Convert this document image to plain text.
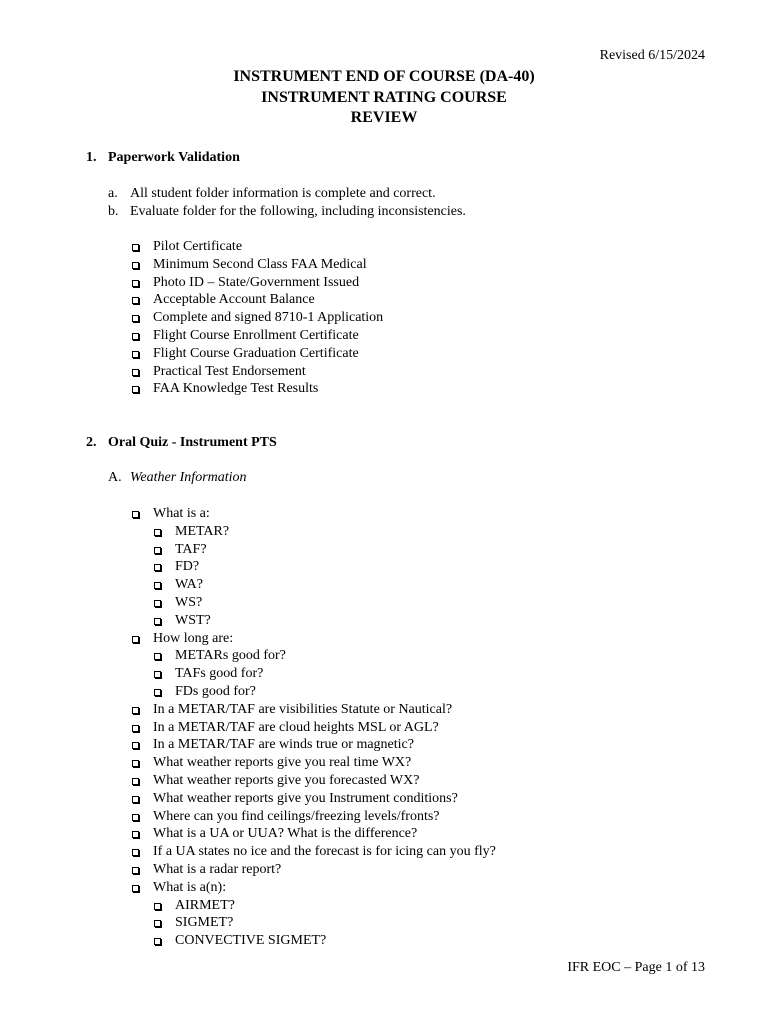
Revised 6/15/2024
INSTRUMENT END OF COURSE (DA-40)
INSTRUMENT RATING COURSE
REVIEW
1. Paperwork Validation
a. All student folder information is complete and correct.
b. Evaluate folder for the following, including inconsistencies.
Pilot Certificate
Minimum Second Class FAA Medical
Photo ID – State/Government Issued
Acceptable Account Balance
Complete and signed 8710-1 Application
Flight Course Enrollment Certificate
Flight Course Graduation Certificate
Practical Test Endorsement
FAA Knowledge Test Results
2. Oral Quiz - Instrument PTS
A. Weather Information
What is a:
METAR?
TAF?
FD?
WA?
WS?
WST?
How long are:
METARs good for?
TAFs good for?
FDs good for?
In a METAR/TAF are visibilities Statute or Nautical?
In a METAR/TAF are cloud heights MSL or AGL?
In a METAR/TAF are winds true or magnetic?
What weather reports give you real time WX?
What weather reports give you forecasted WX?
What weather reports give you Instrument conditions?
Where can you find ceilings/freezing levels/fronts?
What is a UA or UUA? What is the difference?
If a UA states no ice and the forecast is for icing can you fly?
What is a radar report?
What is a(n):
AIRMET?
SIGMET?
CONVECTIVE SIGMET?
IFR EOC – Page 1 of 13
